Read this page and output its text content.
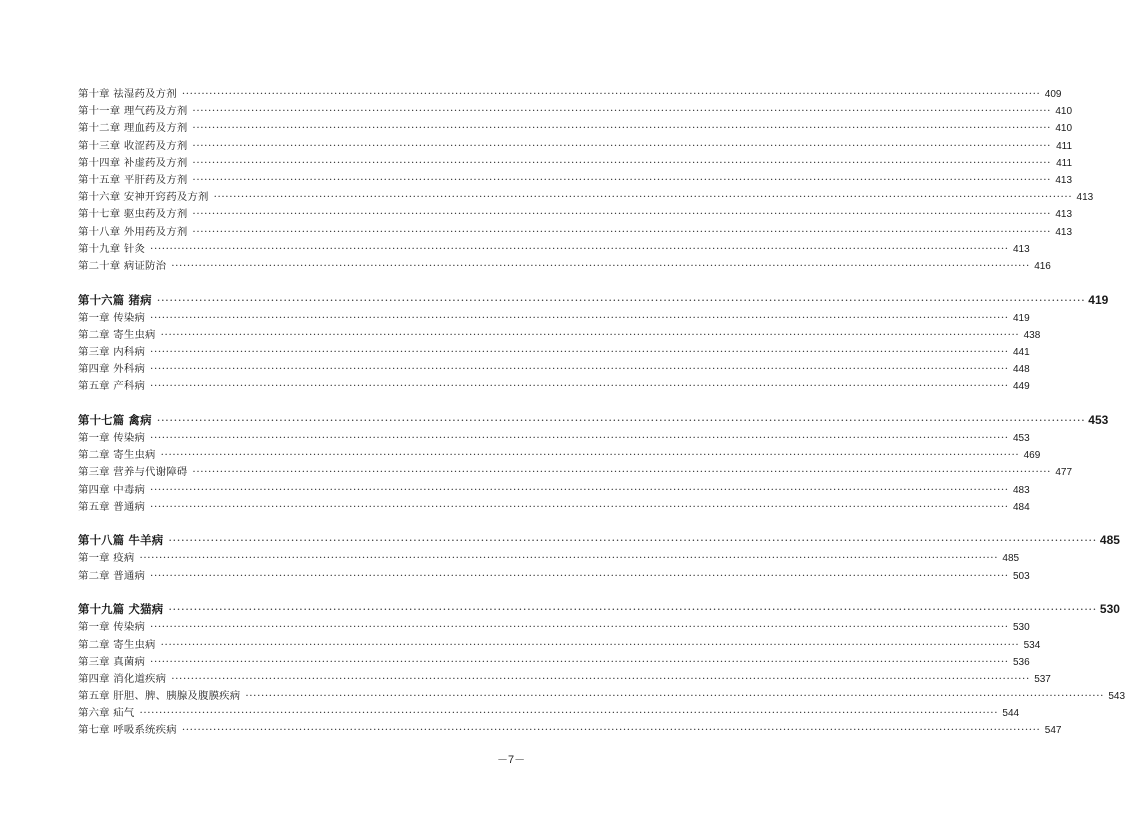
第十章 祛湿药及方剂 ···························································································································································································································· 409
第十一章 理气药及方剂 ···························································································································································································································· 410
第十二章 理血药及方剂 ···························································································································································································································· 410
第十三章 收涩药及方剂 ···························································································································································································································· 411
第十四章 补虚药及方剂 ···························································································································································································································· 411
第十五章 平肝药及方剂 ···························································································································································································································· 413
第十六章 安神开窍药及方剂 ···························································································································································································································· 413
第十七章 驱虫药及方剂 ···························································································································································································································· 413
第十八章 外用药及方剂 ···························································································································································································································· 413
第十九章 针灸 ···························································································································································································································· 413
第二十章 病证防治 ···························································································································································································································· 416
第十六篇 猪病 ···························································································································································································································· 419
第一章 传染病 ···························································································································································································································· 419
第二章 寄生虫病 ···························································································································································································································· 438
第三章 内科病 ···························································································································································································································· 441
第四章 外科病 ···························································································································································································································· 448
第五章 产科病 ···························································································································································································································· 449
第十七篇 禽病 ···························································································································································································································· 453
第一章 传染病 ···························································································································································································································· 453
第二章 寄生虫病 ···························································································································································································································· 469
第三章 营养与代谢障碍 ···························································································································································································································· 477
第四章 中毒病 ···························································································································································································································· 483
第五章 普通病 ···························································································································································································································· 484
第十八篇 牛羊病 ···························································································································································································································· 485
第一章 疫病 ···························································································································································································································· 485
第二章 普通病 ···························································································································································································································· 503
第十九篇 犬猫病 ···························································································································································································································· 530
第一章 传染病 ···························································································································································································································· 530
第二章 寄生虫病 ···························································································································································································································· 534
第三章 真菌病 ···························································································································································································································· 536
第四章 消化道疾病 ···························································································································································································································· 537
第五章 肝胆、脾、胰腺及腹膜疾病 ···························································································································································································································· 543
第六章 疝气 ···························································································································································································································· 544
第七章 呼吸系统疾病 ···························································································································································································································· 547
－7－
